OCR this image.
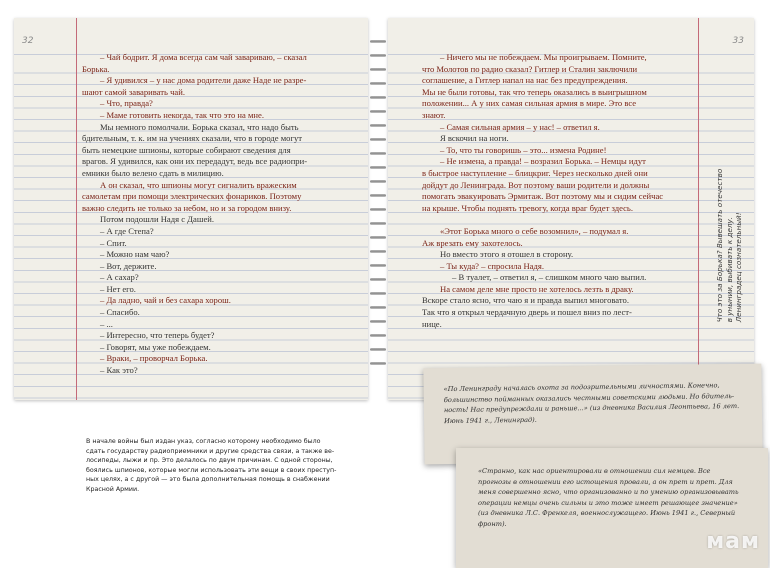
32
– Чай бодрит. Я дома всегда сам чай завариваю, – сказал
Борька.
– Я удивился – у нас дома родители даже Наде не разре-
шают самой заваривать чай.
– Что, правда?
– Маме готовить некогда, так что это на мне.
Мы немного помолчали. Борька сказал, что надо быть
бдительным, т. к. им на учениях сказали, что в городе могут
быть немецкие шпионы, которые собирают сведения для
врагов. Я удивился, как они их передадут, ведь все радиопри-
емники было велено сдать в милицию.
А он сказал, что шпионы могут сигналить вражеским
самолетам при помощи электрических фонариков. Поэтому
важно следить не только за небом, но и за городом внизу.
Потом подошли Надя с Дашей.
– А где Степа?
– Спит.
– Можно нам чаю?
– Вот, держите.
– А сахар?
– Нет его.
– Да ладно, чай и без сахара хорош.
– Спасибо.
– ...
– Интересно, что теперь будет?
– Говорят, мы уже побеждаем.
– Враки, – проворчал Борька.
– Как это?
33
– Ничего мы не побеждаем. Мы проигрываем. Помните,
что Молотов по радио сказал? Гитлер и Сталин заключили
соглашение, а Гитлер напал на нас без предупреждения.
Мы не были готовы, так что теперь оказались в выигрышном
положении... А у них самая сильная армия в мире. Это все
знают.
– Самая сильная армия – у нас! – ответил я.
Я вскочил на ноги.
– То, что ты говоришь – это... измена Родине!
– Не измена, а правда! – возразил Борька. – Немцы идут
в быстрое наступление – блицкриг. Через несколько дней они
дойдут до Ленинграда. Вот поэтому ваши родители и должны
помогать эвакуировать Эрмитаж. Вот поэтому мы и сидим сейчас
на крыше. Чтобы поднять тревогу, когда враг будет здесь.
«Этот Борька много о себе возомнил», – подумал я.
Аж врезать ему захотелось.
Но вместо этого я отошел в сторону.
– Ты куда? – спросила Надя.
– В туалет, – ответил я, – слишком много чаю выпил.
На самом деле мне просто не хотелось лезть в драку.
Вскоре стало ясно, что чаю я и правда выпил многовато.
Так что я открыл чердачную дверь и пошел вниз по лест-
нице.
Что это за Борька? Вывешать отечество в унынии, выбивать к делу. Ленинградец сознательный!
В начале войны был издан указ, согласно которому необходимо было
сдать государству радиоприемники и другие средства связи, а также ве-
лосипеды, лыжи и пр. Это делалось по двум причинам. С одной стороны,
боялись шпионов, которые могли использовать эти вещи в своих преступ-
ных целях, а с другой — это была дополнительная помощь в снабжении
Красной Армии.
«По Ленинграду началась охота за подозрительными личностями. Конечно,
большинство пойманных оказались честными советскими людьми. Но бдитель-
ность! Нас предупреждали и раньше...» (из дневника Василия Леонтьева, 16 лет.
Июнь 1941 г., Ленинград).
«Странно, как нас ориентировали в отношении сил немцев. Все
прогнозы в отношении его истощения провали, а он прет и прет. Для
меня совершенно ясно, что организованно и по умению организовывать
операции немцы очень сильны и это тоже имеет решающее значение»
(из дневника Л.С. Френкеля, военнослужащего. Июнь 1941 г., Северный
фронт).
мам
